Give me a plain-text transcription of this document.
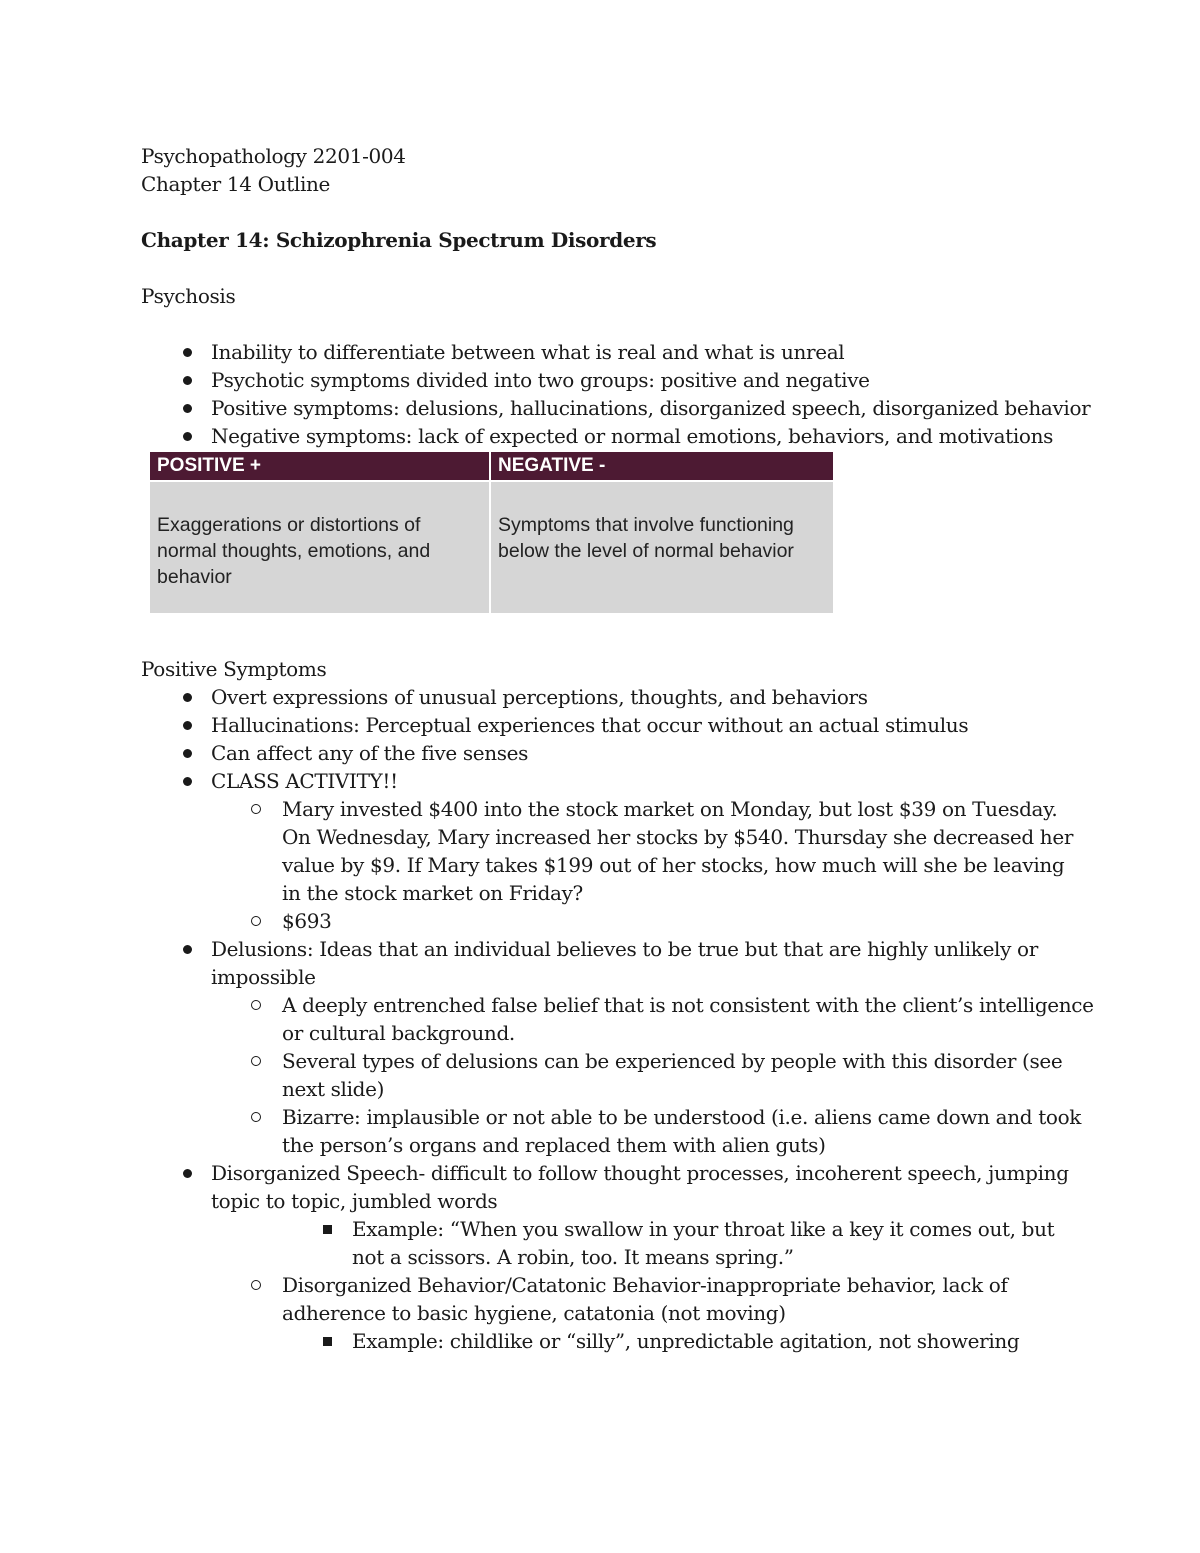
Psychopathology 2201-004
Chapter 14 Outline
Chapter 14: Schizophrenia Spectrum Disorders
Psychosis
Inability to differentiate between what is real and what is unreal
Psychotic symptoms divided into two groups: positive and negative
Positive symptoms: delusions, hallucinations, disorganized speech, disorganized behavior
Negative symptoms: lack of expected or normal emotions, behaviors, and motivations
POSITIVE +	NEGATIVE -
Exaggerations or distortions of normal thoughts, emotions, and behavior
Symptoms that involve functioning below the level of normal behavior
Positive Symptoms
Overt expressions of unusual perceptions, thoughts, and behaviors
Hallucinations: Perceptual experiences that occur without an actual stimulus
Can affect any of the five senses
CLASS ACTIVITY!!
Mary invested $400 into the stock market on Monday, but lost $39 on Tuesday.
On Wednesday, Mary increased her stocks by $540. Thursday she decreased her
value by $9. If Mary takes $199 out of her stocks, how much will she be leaving
in the stock market on Friday?
$693
Delusions: Ideas that an individual believes to be true but that are highly unlikely or
impossible
A deeply entrenched false belief that is not consistent with the client’s intelligence
or cultural background.
Several types of delusions can be experienced by people with this disorder (see
next slide)
Bizarre: implausible or not able to be understood (i.e. aliens came down and took
the person’s organs and replaced them with alien guts)
Disorganized Speech- difficult to follow thought processes, incoherent speech, jumping
topic to topic, jumbled words
Example: “When you swallow in your throat like a key it comes out, but
not a scissors. A robin, too. It means spring.”
Disorganized Behavior/Catatonic Behavior-inappropriate behavior, lack of
adherence to basic hygiene, catatonia (not moving)
Example: childlike or “silly”, unpredictable agitation, not showering
